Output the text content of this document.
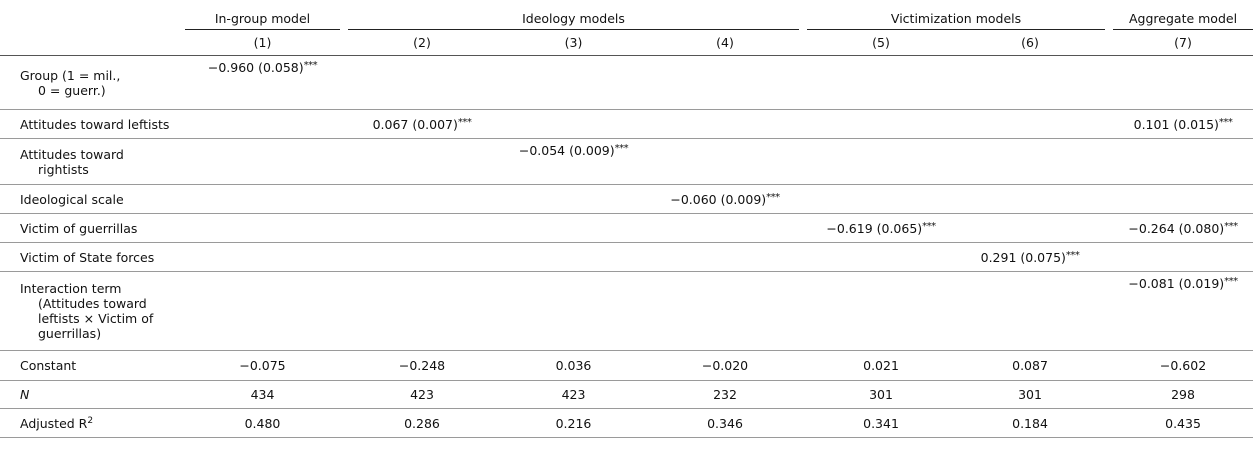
	In-group model		Ideology models				Victimization models			Aggregate model
	(1)		(2)	(3)	(4)		(5)	(6)		(7)

Group (1 = mil.,
0 = guerr.)	−0.960 (0.058)***									

Attitudes toward leftists			0.067 (0.007)***							0.101 (0.015)***

Attitudes toward
rightists				−0.054 (0.009)***						

Ideological scale					−0.060 (0.009)***					

Victim of guerrillas							−0.619 (0.065)***			−0.264 (0.080)***

Victim of State forces								0.291 (0.075)***		

Interaction term
(Attitudes toward
leftists × Victim of
guerrillas)										−0.081 (0.019)***

Constant	−0.075		−0.248	0.036	−0.020		0.021	0.087		−0.602
N	434		423	423	232		301	301		298
Adjusted $R^2$	0.480		0.286	0.216	0.346		0.341	0.184		0.435
